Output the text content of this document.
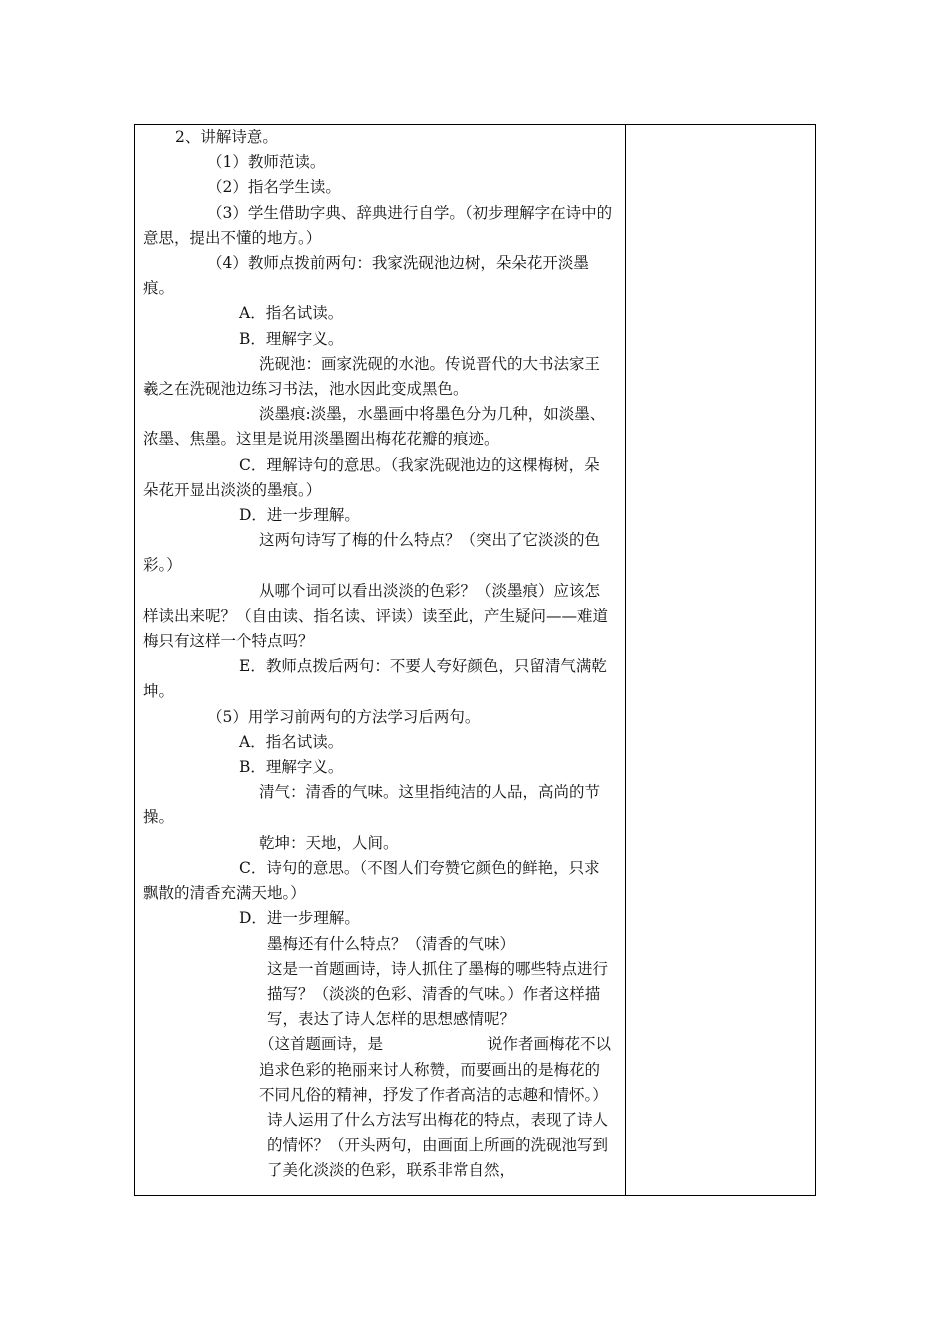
2、讲解诗意。

（1）教师范读。

（2）指名学生读。

（3）学生借助字典、辞典进行自学。（初步理解字在诗中的意思，提出不懂的地方。）

（4）教师点拨前两句：我家洗砚池边树，朵朵花开淡墨痕。

A．指名试读。

B．理解字义。

洗砚池：画家洗砚的水池。传说晋代的大书法家王羲之在洗砚池边练习书法，池水因此变成黑色。

淡墨痕:淡墨，水墨画中将墨色分为几种，如淡墨、浓墨、焦墨。这里是说用淡墨圈出梅花花瓣的痕迹。

C．理解诗句的意思。（我家洗砚池边的这棵梅树，朵朵花开显出淡淡的墨痕。）

D．进一步理解。

这两句诗写了梅的什么特点？（突出了它淡淡的色彩。）

从哪个词可以看出淡淡的色彩？（淡墨痕）应该怎样读出来呢？（自由读、指名读、评读）读至此，产生疑问——难道梅只有这样一个特点吗？

E．教师点拨后两句：不要人夸好颜色，只留清气满乾坤。

（5）用学习前两句的方法学习后两句。

A．指名试读。

B．理解字义。

清气：清香的气味。这里指纯洁的人品，高尚的节操。

乾坤：天地，人间。

C．诗句的意思。（不图人们夸赞它颜色的鲜艳，只求飘散的清香充满天地。）

D．进一步理解。

墨梅还有什么特点？（清香的气味）

这是一首题画诗，诗人抓住了墨梅的哪些特点进行描写？（淡淡的色彩、清香的气味。）作者这样描写，表达了诗人怎样的思想感情呢？

（这首题画诗，是	说作者画梅花不以追求色彩的艳丽来讨人称赞，而要画出的是梅花的不同凡俗的精神，抒发了作者高洁的志趣和情怀。）

诗人运用了什么方法写出梅花的特点，表现了诗人的情怀？（开头两句，由画面上所画的洗砚池写到了美化淡淡的色彩，联系非常自然，
